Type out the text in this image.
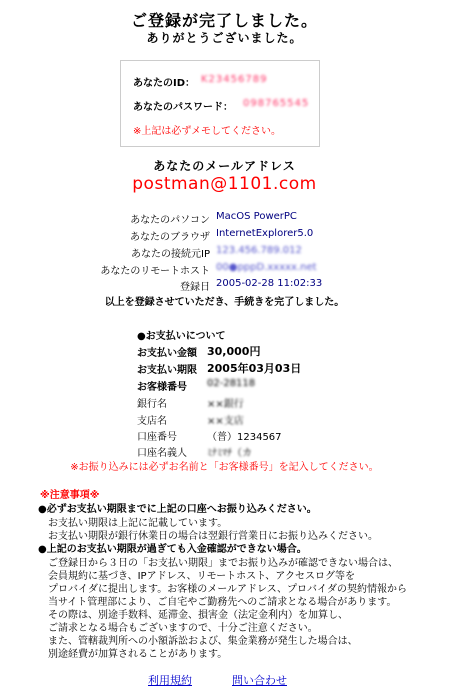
ご登録が完了しました。
ありがとうございました。
あなたのID： K23456789
あなたのパスワード： 098765545
※上記は必ずメモしてください。
あなたのメールアドレス
postman@1101.com
あなたのパソコン MacOS PowerPC
あなたのブラウザ InternetExplorer5.0
あなたの接続元IP 123.456.789.012
あなたのリモートホスト 00●pppD.xxxxx.net
登録日 2005-02-28 11:02:33
以上を登録させていただき、手続きを完了しました。
●お支払いについて
お支払い金額 30,000円
お支払い期限 2005年03月03日
お客様番号 02-28118
銀行名	××銀行
支店名	××支店
口座番号	（普）1234567
口座名義人 ﾐﾅﾐﾏﾁ（カ
※お振り込みには必ずお名前と「お客様番号」を記入してください。
※注意事項※
●必ずお支払い期限までに上記の口座へお振り込みください。
お支払い期限は上記に記載しています。
お支払い期限が銀行休業日の場合は翌銀行営業日にお振り込みください。
●上記のお支払い期限が過ぎても入金確認ができない場合。
ご登録日から３日の「お支払い期限」までお振り込みが確認できない場合は、
会員規約に基づき、IPアドレス、リモートホスト、アクセスログ等を
プロバイダに提出します。お客様のメールアドレス、プロバイダの契約情報から
当サイト管理部により、ご自宅やご勤務先へのご請求となる場合があります。
その際は、別途手数料、延滞金、損害金（法定金利内）を加算し、
ご請求となる場合もございますので、十分ご注意ください。
また、管轄裁判所への小額訴訟および、集金業務が発生した場合は、
別途経費が加算されることがあります。
利用規約	問い合わせ
